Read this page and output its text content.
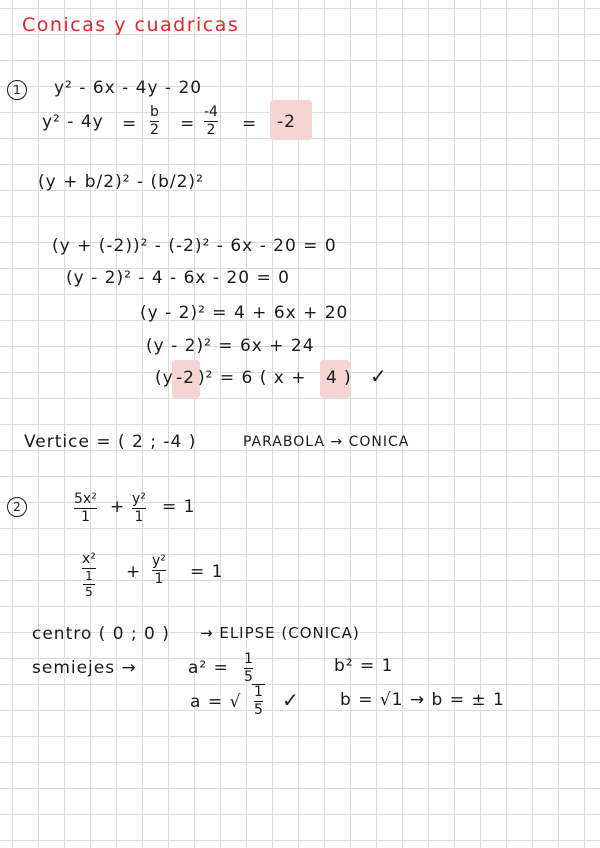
Conicas y cuadricas
1	y² - 6x - 4y - 20
y² - 4y =
b
2 =
-4
2 = -2
(y + b/2)² - (b/2)²
(y + (-2))² - (-2)² - 6x - 20 = 0
(y - 2)² - 4 - 6x - 20 = 0
(y - 2)² = 4 + 6x + 20
(y - 2)² = 6x + 24
(y -2 )² = 6 ( x + 4 ) ✓
Vertice = ( 2 ; -4 )	PARABOLA → CONICA
2	5x²
1 + y²
1 = 1
x²
1
5
+
y²
1 = 1
centro ( 0 ; 0 ) → ELIPSE (CONICA)
semiejes →	a² = 1
5
b² = 1
a = √ 1
5 ✓ b = √1 → b = ± 1
